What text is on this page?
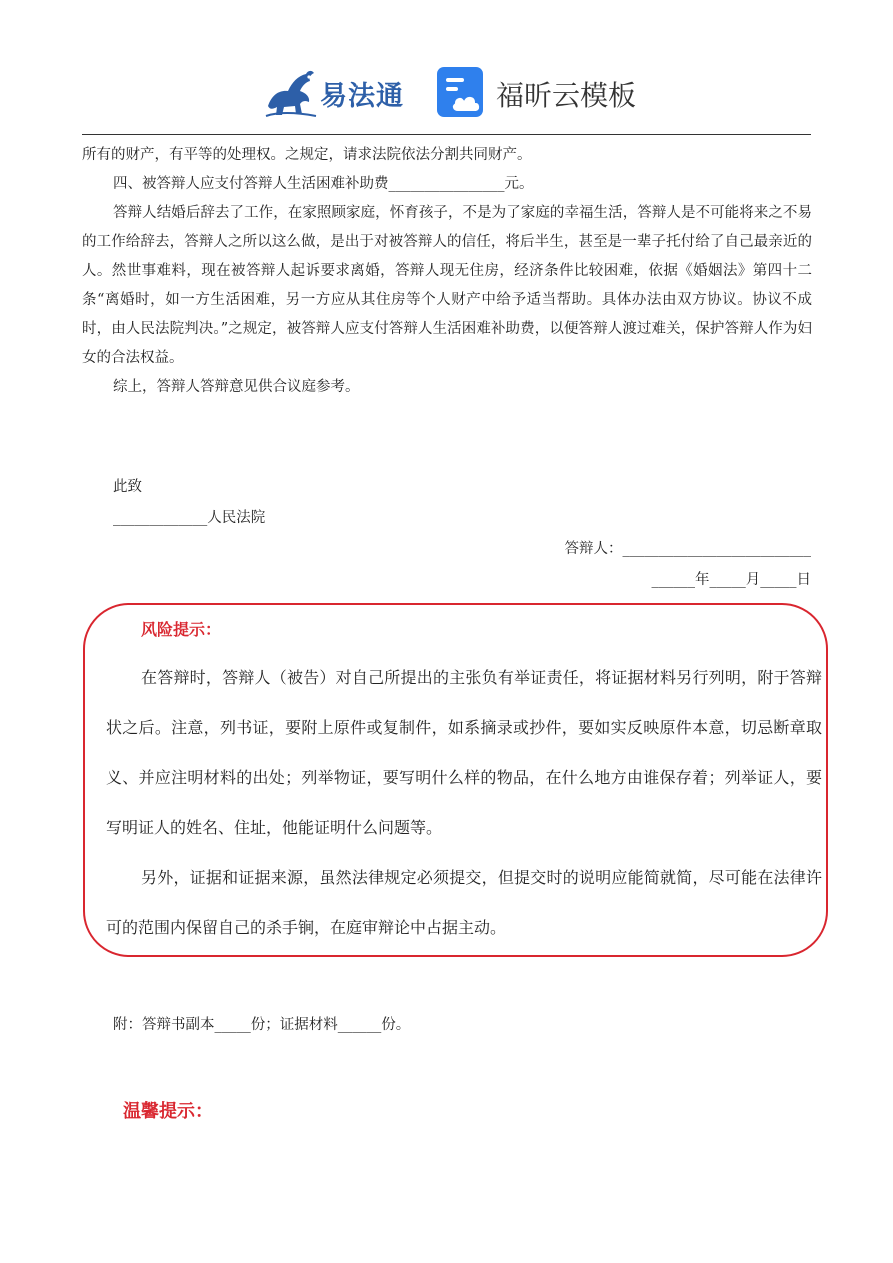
易法通	福昕云模板

所有的财产，有平等的处理权。之规定，请求法院依法分割共同财产。

四、被答辩人应支付答辩人生活困难补助费________________元。

答辩人结婚后辞去了工作，在家照顾家庭，怀育孩子，不是为了家庭的幸福生活，答辩人是不可能将来之不易的工作给辞去，答辩人之所以这么做，是出于对被答辩人的信任，将后半生，甚至是一辈子托付给了自己最亲近的人。然世事难料，现在被答辩人起诉要求离婚，答辩人现无住房，经济条件比较困难，依据《婚姻法》第四十二条“离婚时，如一方生活困难，另一方应从其住房等个人财产中给予适当帮助。具体办法由双方协议。协议不成时，由人民法院判决。”之规定，被答辩人应支付答辩人生活困难补助费，以便答辩人渡过难关，保护答辩人作为妇女的合法权益。

综上，答辩人答辩意见供合议庭参考。

此致
_____________人民法院
答辩人：__________________________
______年_____月_____日
风险提示：

在答辩时，答辩人（被告）对自己所提出的主张负有举证责任，将证据材料另行列明，附于答辩状之后。注意，列书证，要附上原件或复制件，如系摘录或抄件，要如实反映原件本意，切忌断章取义、并应注明材料的出处；列举物证，要写明什么样的物品，在什么地方由谁保存着；列举证人，要写明证人的姓名、住址，他能证明什么问题等。

另外，证据和证据来源，虽然法律规定必须提交，但提交时的说明应能简就简，尽可能在法律许可的范围内保留自己的杀手锏，在庭审辩论中占据主动。

附：答辩书副本_____份；证据材料______份。
温馨提示：
